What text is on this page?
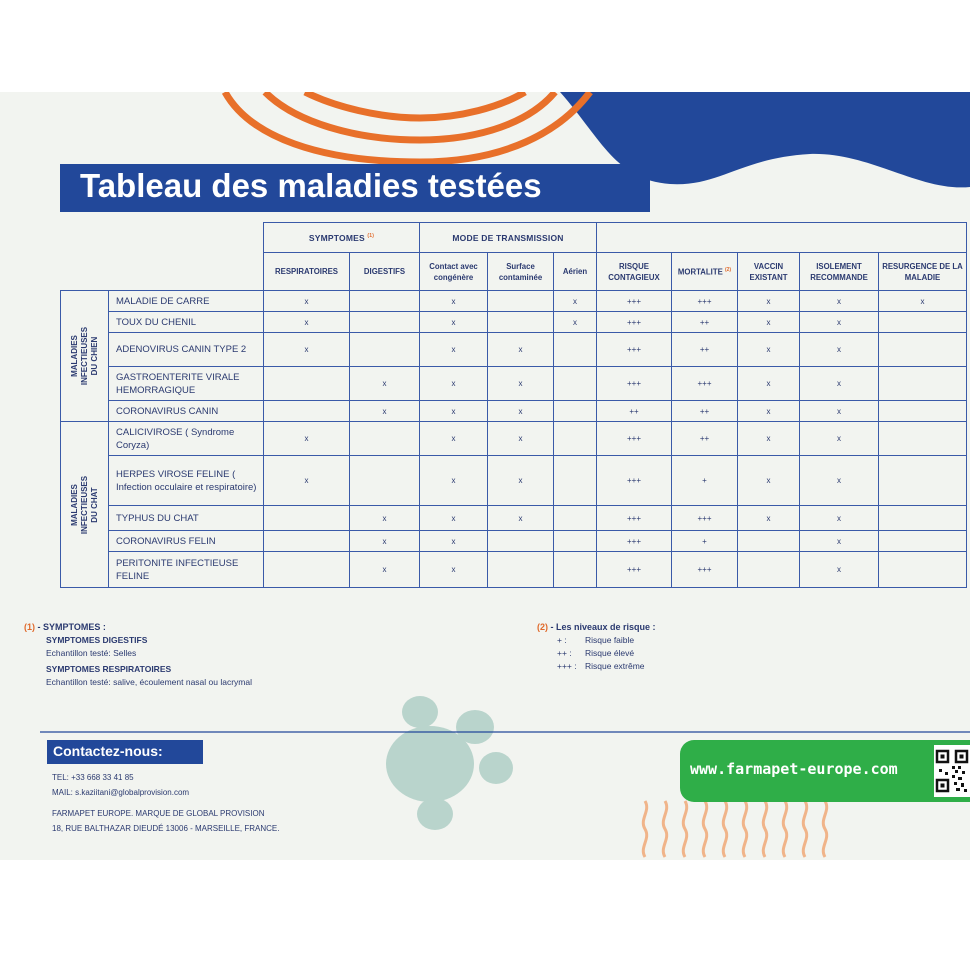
Tableau des maladies testées
		SYMPTOMES $^{(1)}$		MODE DE TRANSMISSION							
		RESPIRATOIRES	DIGESTIFS	Contact avec congénère	Surface contaminée	Aérien	RISQUE CONTAGIEUX	MORTALITE $^{(2)}$	VACCIN EXISTANT	ISOLEMENT RECOMMANDE	RESURGENCE DE LA MALADIE

MALADIES INFECTIEUSES DU CHIEN	MALADIE DE CARRE	x		x		x	+++	+++	x	x	x
	TOUX DU CHENIL	x		x		x	+++	++	x	x	
	ADENOVIRUS CANIN TYPE 2	x		x	x		+++	++	x	x	
	GASTROENTERITE VIRALE HEMORRAGIQUE		x	x	x		+++	+++	x	x	
	CORONAVIRUS CANIN		x	x	x		++	++	x	x	

MALADIES INFECTIEUSES DU CHAT	CALICIVIROSE ( Syndrome Coryza)	x		x	x		+++	++	x	x	
	HERPES VIROSE FELINE ( Infection occulaire et respiratoire)	x		x	x		+++	+	x	x	
	TYPHUS DU CHAT		x	x	x		+++	+++	x	x	
	CORONAVIRUS FELIN		x	x			+++	+		x	
	PERITONITE INFECTIEUSE FELINE		x	x			+++	+++		x	
(1) - SYMPTOMES :
SYMPTOMES DIGESTIFS
Echantillon testé: Selles
SYMPTOMES RESPIRATOIRES
Echantillon testé: salive, écoulement nasal ou lacrymal
(2) - Les niveaux de risque :
+ : Risque faible
++ : Risque élevé
+++ : Risque extrême
Contactez-nous:
TEL: +33 668 33 41 85
MAIL: s.kaziitani@globalprovision.com
FARMAPET EUROPE. MARQUE DE GLOBAL PROVISION
18, RUE BALTHAZAR DIEUDÉ 13006 - MARSEILLE, FRANCE.
www.farmapet-europe.com
